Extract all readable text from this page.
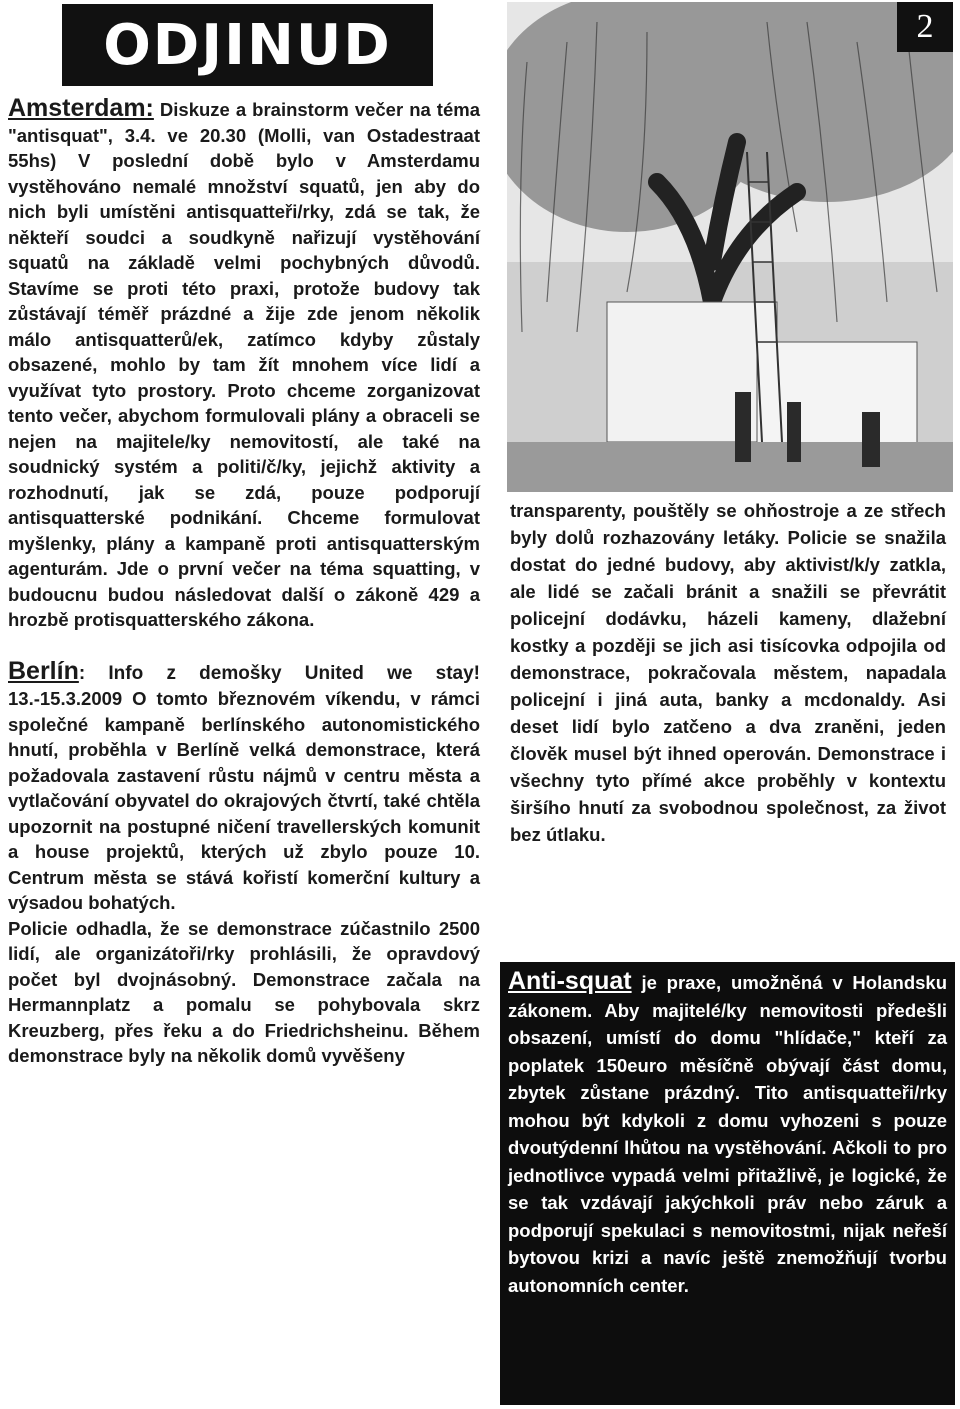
ODJINUD

Amsterdam: Diskuze a brainstorm večer na téma "antisquat", 3.4. ve 20.30 (Molli, van Ostadestraat 55hs) V poslední době bylo v Amsterdamu vystěhováno nemalé množství squatů, jen aby do nich byli umístěni antisquatteři/rky, zdá se tak, že někteří soudci a soudkyně nařizují vystěhování squatů na základě velmi pochybných důvodů. Stavíme se proti této praxi, protože budovy tak zůstávají téměř prázdné a žije zde jenom několik málo antisquatterů/ek, zatímco kdyby zůstaly obsazené, mohlo by tam žít mnohem více lidí a využívat tyto prostory. Proto chceme zorganizovat tento večer, abychom formulovali plány a obraceli se nejen na majitele/ky nemovitostí, ale také na soudnický systém a politi/č/ky, jejichž aktivity a rozhodnutí, jak se zdá, pouze podporují antisquatterské podnikání. Chceme formulovat myšlenky, plány a kampaně proti antisquatterským agenturám. Jde o první večer na téma squatting, v budoucnu budou následovat další o zákoně 429 a hrozbě protisquatterského zákona.

Berlín: Info z demošky United we stay! 13.-15.3.2009 O tomto březnovém víkendu, v rámci společné kampaně berlínského autonomistického hnutí, proběhla v Berlíně velká demonstrace, která požadovala zastavení růstu nájmů v centru města a vytlačování obyvatel do okrajových čtvrtí, také chtěla upozornit na postupné ničení travellerských komunit a house projektů, kterých už zbylo pouze 10. Centrum města se stává kořistí komerční kultury a výsadou bohatých.

Policie odhadla, že se demonstrace zúčastnilo 2500 lidí, ale organizátoři/rky prohlásili, že opravdový počet byl dvojnásobný. Demonstrace začala na Hermannplatz a pomalu se pohybovala skrz Kreuzberg, přes řeku a do Friedrichsheinu. Během demonstrace byly na několik domů vyvěšeny

2

transparenty, pouštěly se ohňostroje a ze střech byly dolů rozhazovány letáky. Policie se snažila dostat do jedné budovy, aby aktivist/k/y zatkla, ale lidé se začali bránit a snažili se převrátit policejní dodávku, házeli kameny, dlažební kostky a později se jich asi tisícovka odpojila od demonstrace, pokračovala městem, napadala policejní i jiná auta, banky a mcdonaldy. Asi deset lidí bylo zatčeno a dva zraněni, jeden člověk musel být ihned operován. Demonstrace i všechny tyto přímé akce proběhly v kontextu širšího hnutí za svobodnou společnost, za život bez útlaku.

Anti-squat je praxe, umožněná v Holandsku zákonem. Aby majitelé/ky nemovitosti předešli obsazení, umístí do domu "hlídače," kteří za poplatek 150euro měsíčně obývají část domu, zbytek zůstane prázdný. Tito antisquatteři/rky mohou být kdykoli z domu vyhozeni s pouze dvoutýdenní lhůtou na vystěhování. Ačkoli to pro jednotlivce vypadá velmi přitažlivě, je logické, že se tak vzdávají jakýchkoli práv nebo záruk a podporují spekulaci s nemovitostmi, nijak neřeší bytovou krizi a navíc ještě znemožňují tvorbu autonomních center.
